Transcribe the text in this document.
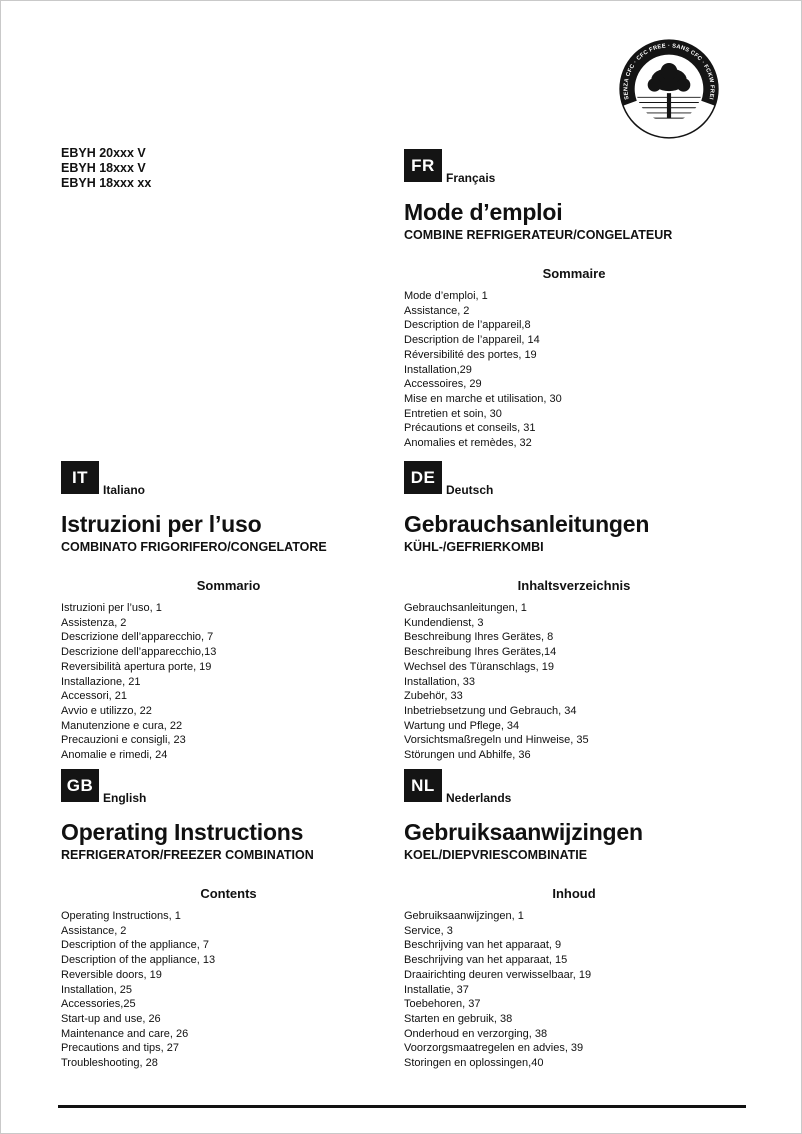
SENZA CFC · CFC FREE · SANS CFC · FCKW FREI
EBYH 20xxx V
EBYH 18xxx V
EBYH 18xxx xx
FR
Français
Mode d’emploi
COMBINE REFRIGERATEUR/CONGELATEUR
Sommaire
Mode d’emploi, 1
Assistance, 2
Description de l’appareil,8
Description de l’appareil, 14
Réversibilité des portes, 19
Installation,29
Accessoires, 29
Mise en marche et utilisation, 30
Entretien et soin, 30
Précautions et conseils, 31
Anomalies et remèdes, 32
IT
Italiano
Istruzioni per l’uso
COMBINATO FRIGORIFERO/CONGELATORE
Sommario
Istruzioni per l’uso, 1
Assistenza, 2
Descrizione dell’apparecchio, 7
Descrizione dell’apparecchio,13
Reversibilità apertura porte, 19
Installazione, 21
Accessori, 21
Avvio e utilizzo, 22
Manutenzione e cura, 22
Precauzioni e consigli, 23
Anomalie e rimedi, 24
DE
Deutsch
Gebrauchsanleitungen
KÜHL-/GEFRIERKOMBI
Inhaltsverzeichnis
Gebrauchsanleitungen, 1
Kundendienst, 3
Beschreibung Ihres Gerätes, 8
Beschreibung Ihres Gerätes,14
Wechsel des Türanschlags, 19
Installation, 33
Zubehör, 33
Inbetriebsetzung und Gebrauch, 34
Wartung und Pflege, 34
Vorsichtsmaßregeln und Hinweise, 35
Störungen und Abhilfe, 36
GB
English
Operating Instructions
REFRIGERATOR/FREEZER COMBINATION
Contents
Operating Instructions, 1
Assistance, 2
Description of the appliance, 7
Description of the appliance, 13
Reversible doors, 19
Installation, 25
Accessories,25
Start-up and use, 26
Maintenance and care, 26
Precautions and tips, 27
Troubleshooting, 28
NL
Nederlands
Gebruiksaanwijzingen
KOEL/DIEPVRIESCOMBINATIE
Inhoud
Gebruiksaanwijzingen, 1
Service, 3
Beschrijving van het apparaat, 9
Beschrijving van het apparaat, 15
Draairichting deuren verwisselbaar, 19
Installatie, 37
Toebehoren, 37
Starten en gebruik, 38
Onderhoud en verzorging, 38
Voorzorgsmaatregelen en advies, 39
Storingen en oplossingen,40
